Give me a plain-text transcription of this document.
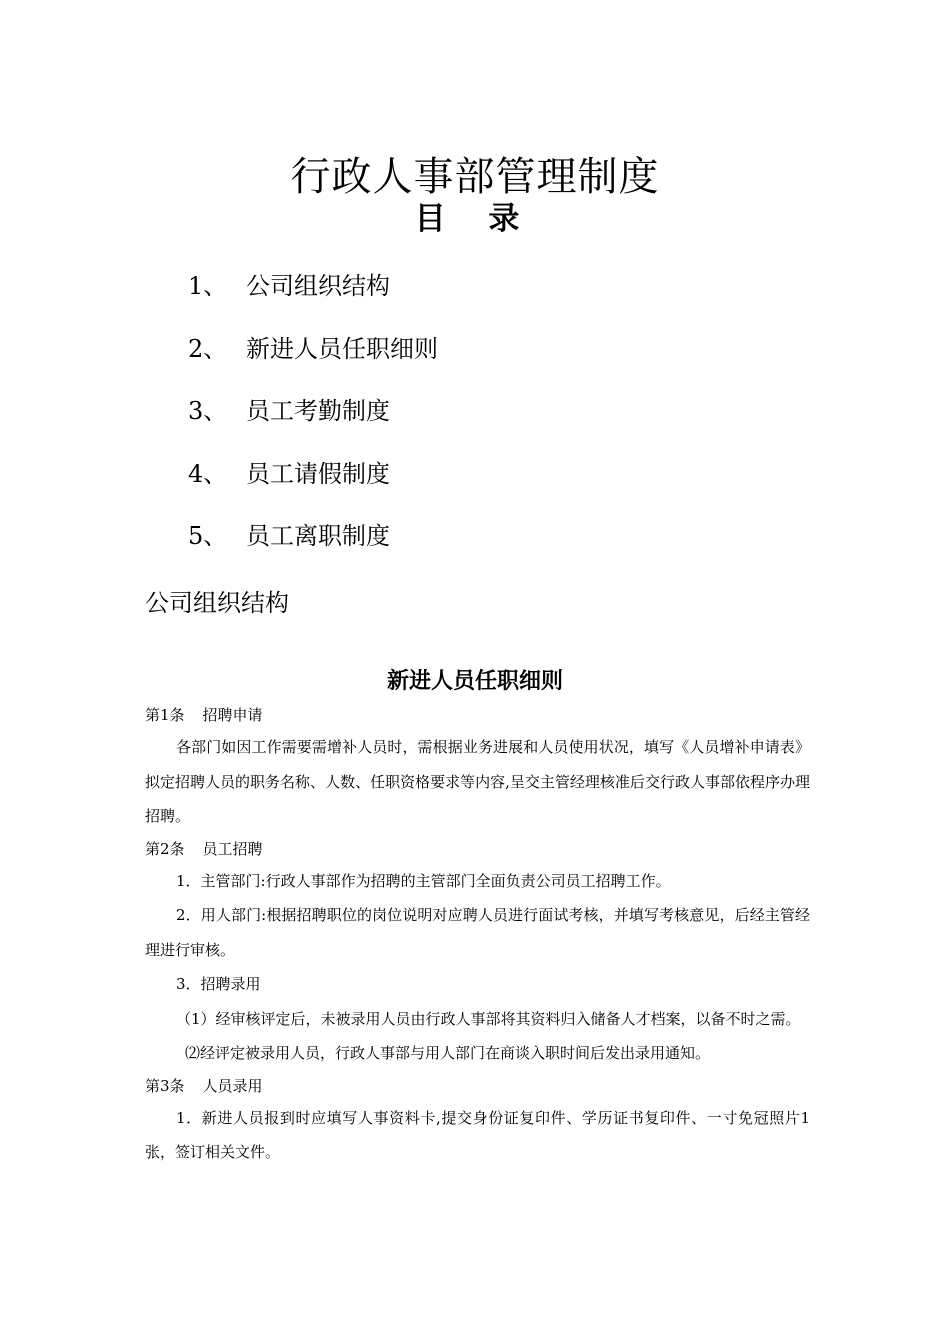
行政人事部管理制度
目 录
1、 公司组织结构
2、 新进人员任职细则
3、 员工考勤制度
4、 员工请假制度
5、 员工离职制度
公司组织结构
新进人员任职细则
第1条 招聘申请

各部门如因工作需要需增补人员时，需根据业务进展和人员使用状况，填写《人员增补申请表》拟定招聘人员的职务名称、人数、任职资格要求等内容,呈交主管经理核准后交行政人事部依程序办理招聘。

第2条 员工招聘

1．主管部门:行政人事部作为招聘的主管部门全面负责公司员工招聘工作。

2．用人部门:根据招聘职位的岗位说明对应聘人员进行面试考核，并填写考核意见，后经主管经理进行审核。

3．招聘录用

（1）经审核评定后，未被录用人员由行政人事部将其资料归入储备人才档案，以备不时之需。

⑵经评定被录用人员，行政人事部与用人部门在商谈入职时间后发出录用通知。

第3条 人员录用

1．新进人员报到时应填写人事资料卡,提交身份证复印件、学历证书复印件、一寸免冠照片1张，签订相关文件。
